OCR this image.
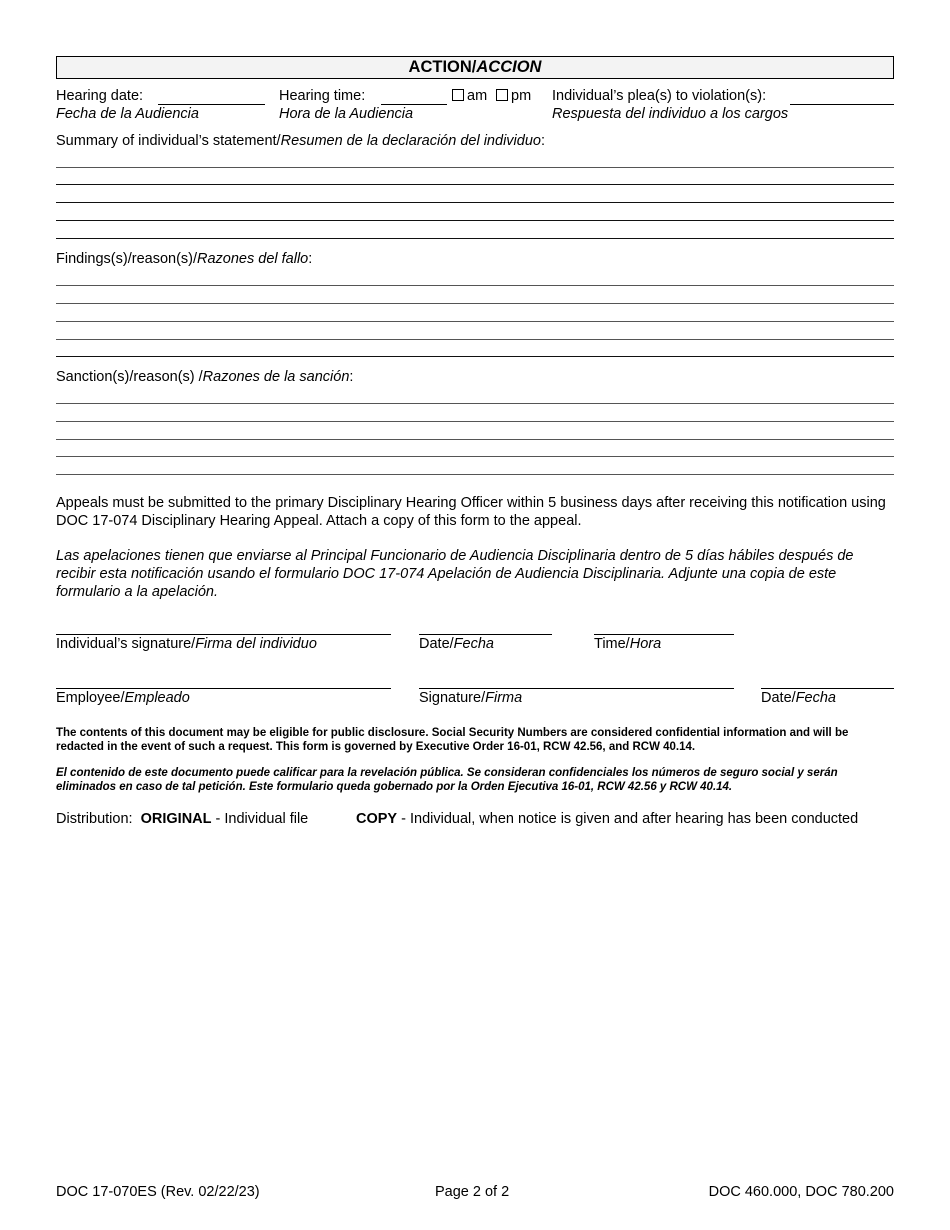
ACTION/ACCION
Hearing date:
Fecha de la Audiencia
Hearing time:	am	pm
Hora de la Audiencia
Individual’s plea(s) to violation(s):
Respuesta del individuo a los cargos
Summary of individual’s statement/Resumen de la declaración del individuo:
Findings(s)/reason(s)/Razones del fallo:
Sanction(s)/reason(s) /Razones de la sanción:
Appeals must be submitted to the primary Disciplinary Hearing Officer within 5 business days after receiving this notification using DOC 17-074 Disciplinary Hearing Appeal. Attach a copy of this form to the appeal.
Las apelaciones tienen que enviarse al Principal Funcionario de Audiencia Disciplinaria dentro de 5 días hábiles después de recibir esta notificación usando el formulario DOC 17-074 Apelación de Audiencia Disciplinaria. Adjunte una copia de este formulario a la apelación.
Individual’s signature/Firma del individuo	Date/Fecha	Time/Hora
Employee/Empleado	Signature/Firma	Date/Fecha
The contents of this document may be eligible for public disclosure. Social Security Numbers are considered confidential information and will be redacted in the event of such a request. This form is governed by Executive Order 16-01, RCW 42.56, and RCW 40.14.
El contenido de este documento puede calificar para la revelación pública. Se consideran confidenciales los números de seguro social y serán eliminados en caso de tal petición. Este formulario queda gobernado por la Orden Ejecutiva 16-01, RCW 42.56 y RCW 40.14.
Distribution: ORIGINAL - Individual file	COPY - Individual, when notice is given and after hearing has been conducted
DOC 17-070ES (Rev. 02/22/23)	Page 2 of 2	DOC 460.000, DOC 780.200
